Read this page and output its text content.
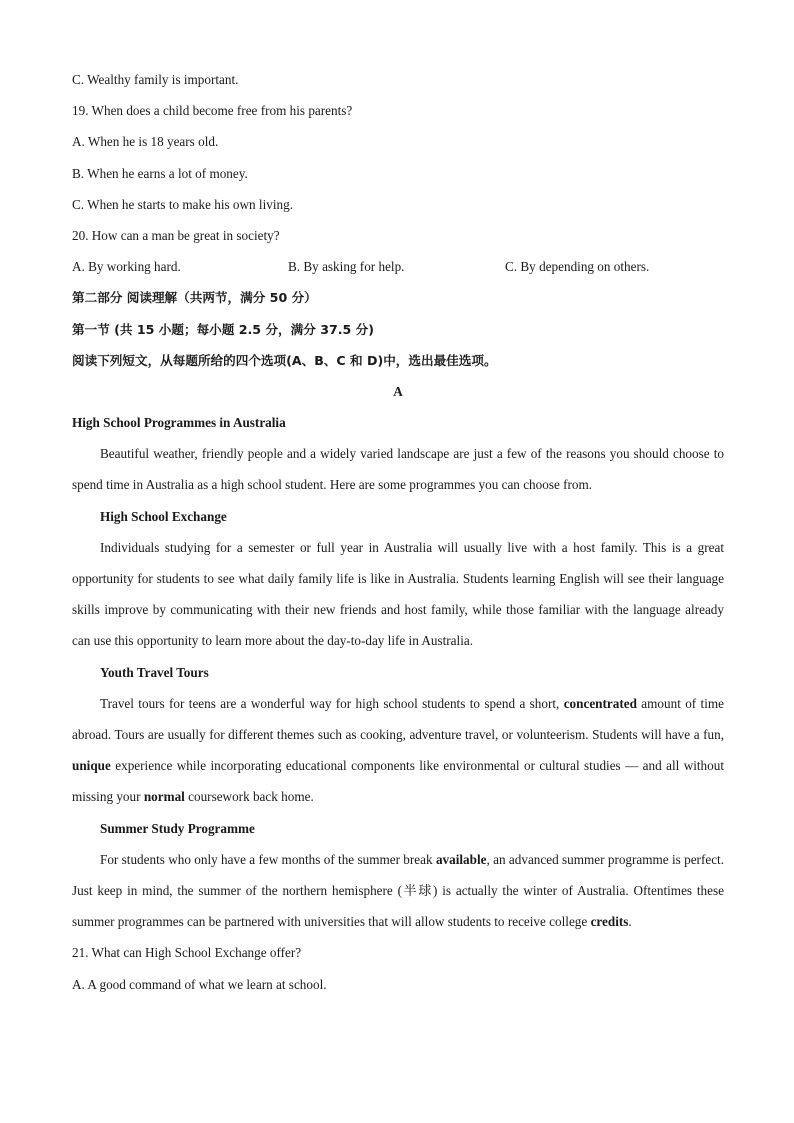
C. Wealthy family is important.

19. When does a child become free from his parents?

A. When he is 18 years old.

B. When he earns a lot of money.

C. When he starts to make his own living.

20. How can a man be great in society?

A. By working hard.	B. By asking for help.	C. By depending on others.

第二部分 阅读理解（共两节，满分 50 分）

第一节 (共 15 小题；每小题 2.5 分，满分 37.5 分)

阅读下列短文，从每题所给的四个选项(A、B、C 和 D)中，选出最佳选项。

A

High School Programmes in Australia

Beautiful weather, friendly people and a widely varied landscape are just a few of the reasons you should choose to spend time in Australia as a high school student. Here are some programmes you can choose from.

High School Exchange

Individuals studying for a semester or full year in Australia will usually live with a host family. This is a great opportunity for students to see what daily family life is like in Australia. Students learning English will see their language skills improve by communicating with their new friends and host family, while those familiar with the language already can use this opportunity to learn more about the day-to-day life in Australia.

Youth Travel Tours

Travel tours for teens are a wonderful way for high school students to spend a short, concentrated amount of time abroad. Tours are usually for different themes such as cooking, adventure travel, or volunteerism. Students will have a fun, unique experience while incorporating educational components like environmental or cultural studies — and all without missing your normal coursework back home.

Summer Study Programme

For students who only have a few months of the summer break available, an advanced summer programme is perfect. Just keep in mind, the summer of the northern hemisphere (半球) is actually the winter of Australia. Oftentimes these summer programmes can be partnered with universities that will allow students to receive college credits.

21. What can High School Exchange offer?

A. A good command of what we learn at school.
